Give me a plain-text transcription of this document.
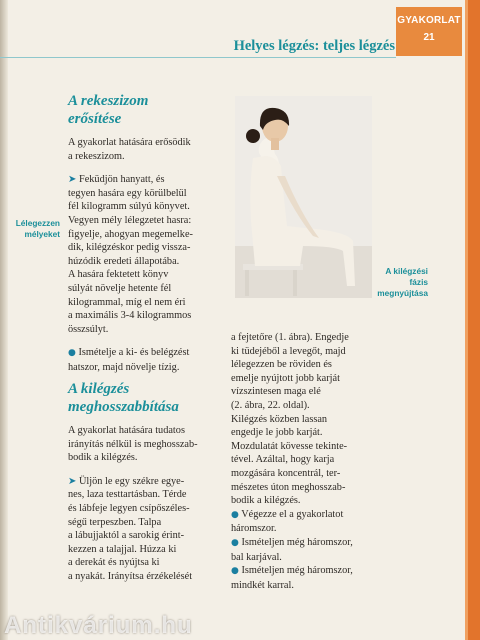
Helyes légzés: teljes légzés
GYAKORLAT
21
A rekeszizom
erősítése

A gyakorlat hatására erősödik
a rekeszizom.

➤ Feküdjön hanyatt, és
tegyen hasára egy körülbelül
fél kilogramm súlyú könyvet.
Vegyen mély lélegzetet hasra:
figyelje, ahogyan megemelke-
dik, kilégzéskor pedig vissza-
húzódik eredeti állapotába.
A hasára fektetett könyv
súlyát növelje hetente fél
kilogrammal, míg el nem éri
a maximális 3-4 kilogrammos
összsúlyt.

● Ismételje a ki- és belégzést
hatszor, majd növelje tízig.

Lélegezzen
mélyeket
A kilégzési
fázis
megnyújtása
A kilégzés
meghosszabbítása

A gyakorlat hatására tudatos
irányítás nélkül is meghosszab-
bodik a kilégzés.

➤ Üljön le egy székre egye-
nes, laza testtartásban. Térde
és lábfeje legyen csípőszéles-
ségű terpeszben. Talpa
a lábujjaktól a sarokig érint-
kezzen a talajjal. Húzza ki
a derekát és nyújtsa ki
a nyakát. Irányítsa érzékelését

a fejtetőre (1. ábra). Engedje
ki tüdejéből a levegőt, majd
lélegezzen be röviden és
emelje nyújtott jobb karját
vízszintesen maga elé
(2. ábra, 22. oldal).
Kilégzés közben lassan
engedje le jobb karját.
Mozdulatát kövesse tekinte-
tével. Azáltal, hogy karja
mozgására koncentrál, ter-
mészetes úton meghosszab-
bodik a kilégzés.

● Végezze el a gyakorlatot
háromszor.
● Ismételjen még háromszor,
bal karjával.
● Ismételjen még háromszor,
mindkét karral.
Antikvárium.hu
